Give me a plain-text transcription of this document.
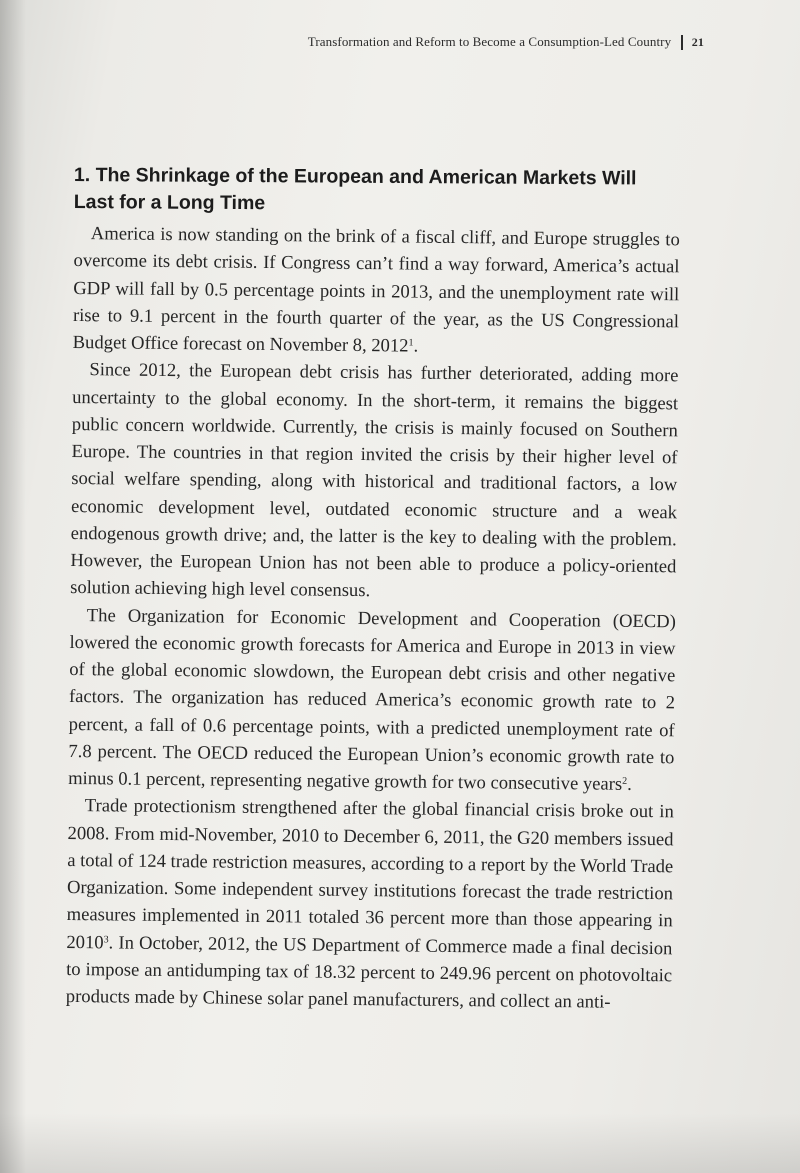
Transformation and Reform to Become a Consumption-Led Country 21
1. The Shrinkage of the European and American Markets Will
Last for a Long Time

America is now standing on the brink of a fiscal cliff, and Europe struggles to overcome its debt crisis. If Congress can’t find a way forward, America’s actual GDP will fall by 0.5 percentage points in 2013, and the unemployment rate will rise to 9.1 percent in the fourth quarter of the year, as the US Congressional Budget Office forecast on November 8, 2012$^1$.

Since 2012, the European debt crisis has further deteriorated, adding more uncertainty to the global economy. In the short-term, it remains the biggest public concern worldwide. Currently, the crisis is mainly focused on Southern Europe. The countries in that region invited the crisis by their higher level of social welfare spending, along with historical and traditional factors, a low economic development level, outdated economic structure and a weak endogenous growth drive; and, the latter is the key to dealing with the problem. However, the European Union has not been able to produce a policy-oriented solution achieving high level consensus.

The Organization for Economic Development and Cooperation (OECD) lowered the economic growth forecasts for America and Europe in 2013 in view of the global economic slowdown, the European debt crisis and other negative factors. The organization has reduced America’s economic growth rate to 2 percent, a fall of 0.6 percentage points, with a predicted unemployment rate of 7.8 percent. The OECD reduced the European Union’s economic growth rate to minus 0.1 percent, representing negative growth for two consecutive years$^2$.

Trade protectionism strengthened after the global financial crisis broke out in 2008. From mid-November, 2010 to December 6, 2011, the G20 members issued a total of 124 trade restriction measures, according to a report by the World Trade Organization. Some independent survey institutions forecast the trade restriction measures implemented in 2011 totaled 36 percent more than those appearing in 2010$^3$. In October, 2012, the US Department of Commerce made a final decision to impose an antidumping tax of 18.32 percent to 249.96 percent on photovoltaic products made by Chinese solar panel manufacturers, and collect an anti-
